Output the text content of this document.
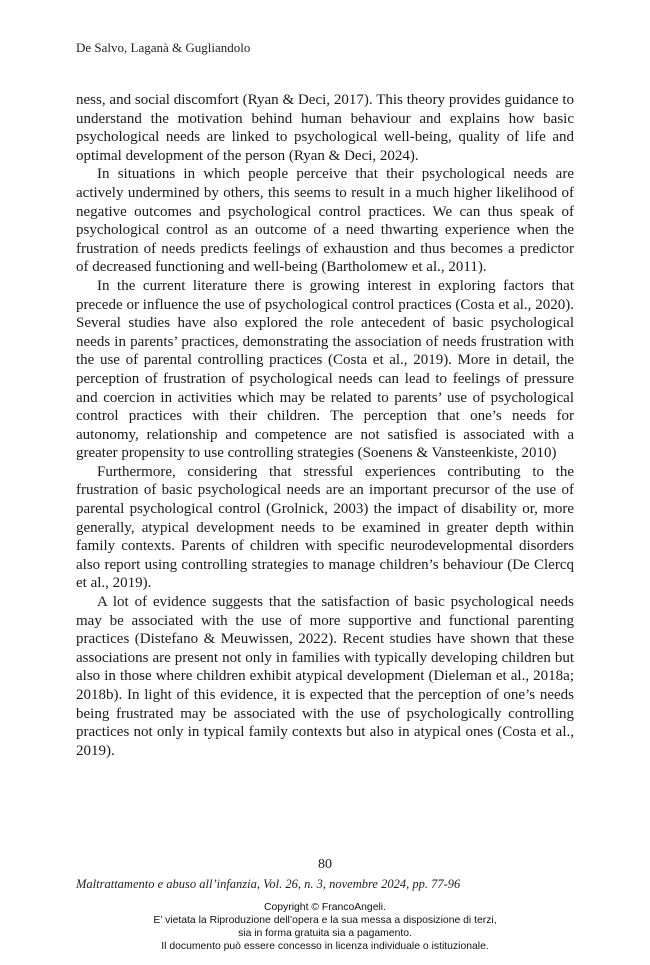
De Salvo, Laganà & Gugliandolo

ness, and social discomfort (Ryan & Deci, 2017). This theory provides guidance to understand the motivation behind human behaviour and explains how basic psychological needs are linked to psychological well-being, quality of life and optimal development of the person (Ryan & Deci, 2024).

In situations in which people perceive that their psychological needs are actively undermined by others, this seems to result in a much higher likelihood of negative outcomes and psychological control practices. We can thus speak of psychological control as an outcome of a need thwarting experience when the frustration of needs predicts feelings of exhaustion and thus becomes a predictor of decreased functioning and well-being (Bartholomew et al., 2011).

In the current literature there is growing interest in exploring factors that precede or influence the use of psychological control practices (Costa et al., 2020). Several studies have also explored the role antecedent of basic psychological needs in parents’ practices, demonstrating the association of needs frustration with the use of parental controlling practices (Costa et al., 2019). More in detail, the perception of frustration of psychological needs can lead to feelings of pressure and coercion in activities which may be related to parents’ use of psychological control practices with their children. The perception that one’s needs for autonomy, relationship and competence are not satisfied is associated with a greater propensity to use controlling strategies (Soenens & Vansteenkiste, 2010)

Furthermore, considering that stressful experiences contributing to the frustration of basic psychological needs are an important precursor of the use of parental psychological control (Grolnick, 2003) the impact of disability or, more generally, atypical development needs to be examined in greater depth within family contexts. Parents of children with specific neurodevelopmental disorders also report using controlling strategies to manage children’s behaviour (De Clercq et al., 2019).

A lot of evidence suggests that the satisfaction of basic psychological needs may be associated with the use of more supportive and functional parenting practices (Distefano & Meuwissen, 2022). Recent studies have shown that these associations are present not only in families with typically developing children but also in those where children exhibit atypical development (Dieleman et al., 2018a; 2018b). In light of this evidence, it is expected that the perception of one’s needs being frustrated may be associated with the use of psychologically controlling practices not only in typical family contexts but also in atypical ones (Costa et al., 2019).

80
Maltrattamento e abuso all’infanzia, Vol. 26, n. 3, novembre 2024, pp. 77-96
Copyright © FrancoAngeli.
E’ vietata la Riproduzione dell’opera e la sua messa a disposizione di terzi,
sia in forma gratuita sia a pagamento.
Il documento può essere concesso in licenza individuale o istituzionale.
